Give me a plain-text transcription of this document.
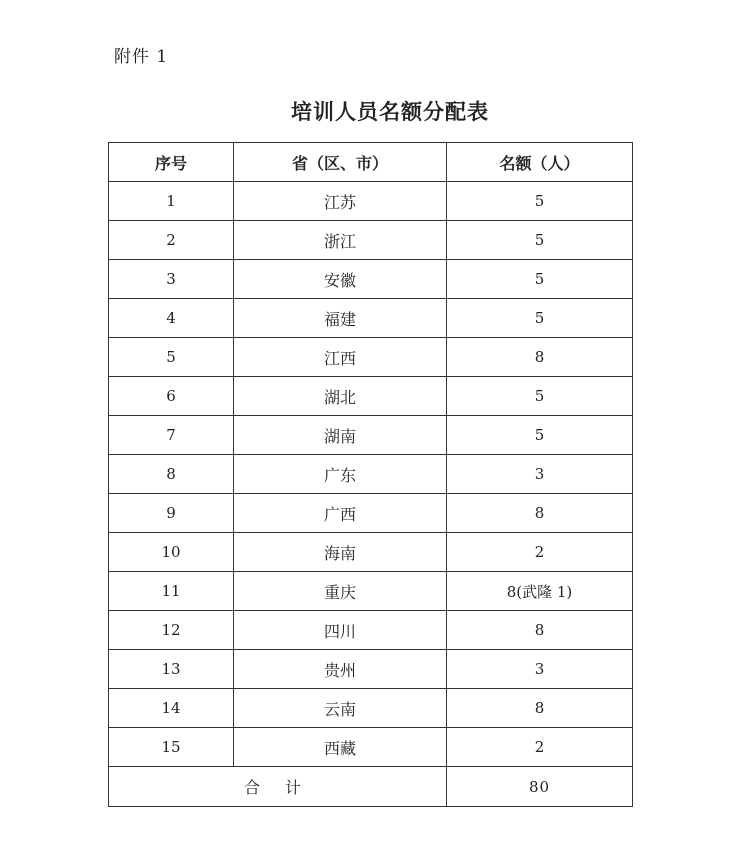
附件 1
培训人员名额分配表
序号	省（区、市）	名额（人）
1	江苏	5
2	浙江	5
3	安徽	5
4	福建	5
5	江西	8
6	湖北	5
7	湖南	5
8	广东	3
9	广西	8
10	海南	2
11	重庆	8(武隆 1)
12	四川	8
13	贵州	3
14	云南	8
15	西藏	2
合 计		80
